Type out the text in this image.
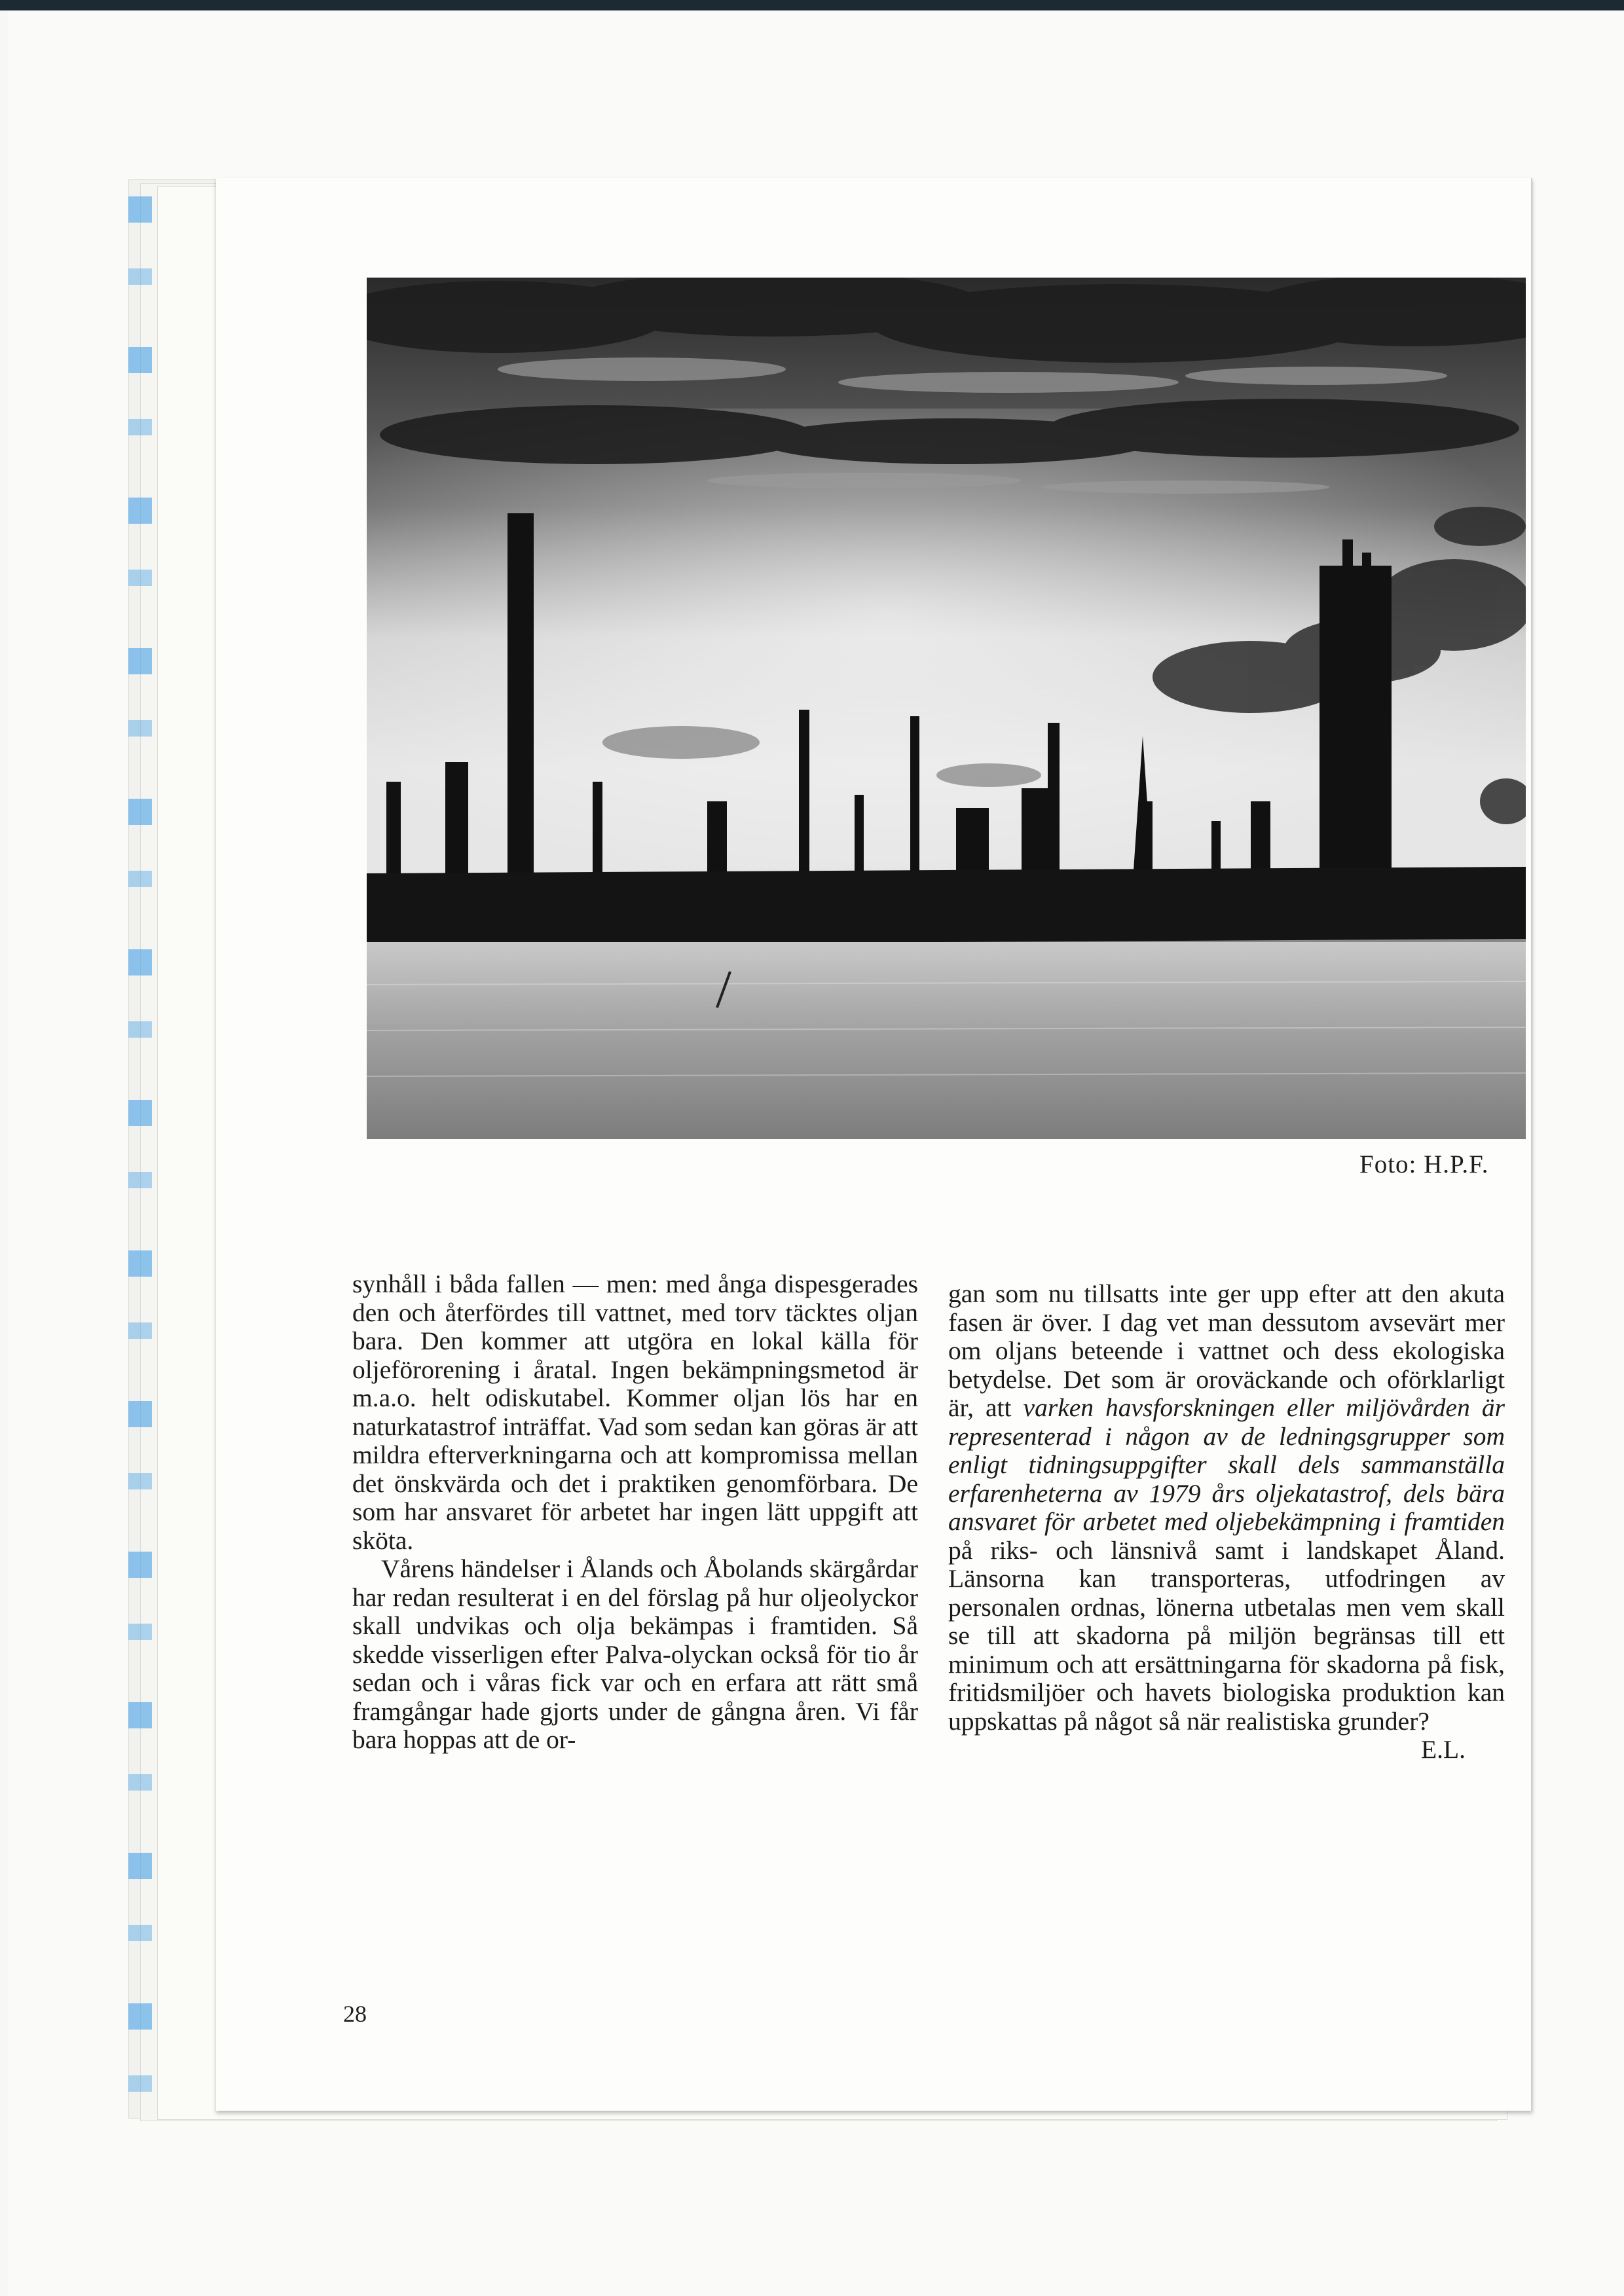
Foto: H.P.F.

synhåll i båda fallen — men: med ånga dispesgerades den och återfördes till vattnet, med torv täcktes oljan bara. Den kommer att utgöra en lokal källa för oljeförorening i åratal. Ingen bekämpningsmetod är m.a.o. helt odiskutabel. Kommer oljan lös har en naturkatastrof inträffat. Vad som sedan kan göras är att mildra efterverkningarna och att kompromissa mellan det önskvärda och det i praktiken genomförbara. De som har ansvaret för arbetet har ingen lätt uppgift att sköta.

Vårens händelser i Ålands och Åbolands skärgårdar har redan resulterat i en del förslag på hur oljeolyckor skall undvikas och olja bekämpas i framtiden. Så skedde visserligen efter Palva-olyckan också för tio år sedan och i våras fick var och en erfara att rätt små framgångar hade gjorts under de gångna åren. Vi får bara hoppas att de or-

gan som nu tillsatts inte ger upp efter att den akuta fasen är över. I dag vet man dessutom avsevärt mer om oljans beteende i vattnet och dess ekologiska betydelse. Det som är oroväckande och oförklarligt är, att varken havsforskningen eller miljövården är representerad i någon av de ledningsgrupper som enligt tidningsuppgifter skall dels sammanställa erfarenheterna av 1979 års oljekatastrof, dels bära ansvaret för arbetet med oljebekämpning i framtiden på riks- och länsnivå samt i landskapet Åland. Länsorna kan transporteras, utfodringen av personalen ordnas, lönerna utbetalas men vem skall se till att skadorna på miljön begränsas till ett minimum och att ersättningarna för skadorna på fisk, fritidsmiljöer och havets biologiska produktion kan uppskattas på något så när realistiska grunder?

E.L.

28
